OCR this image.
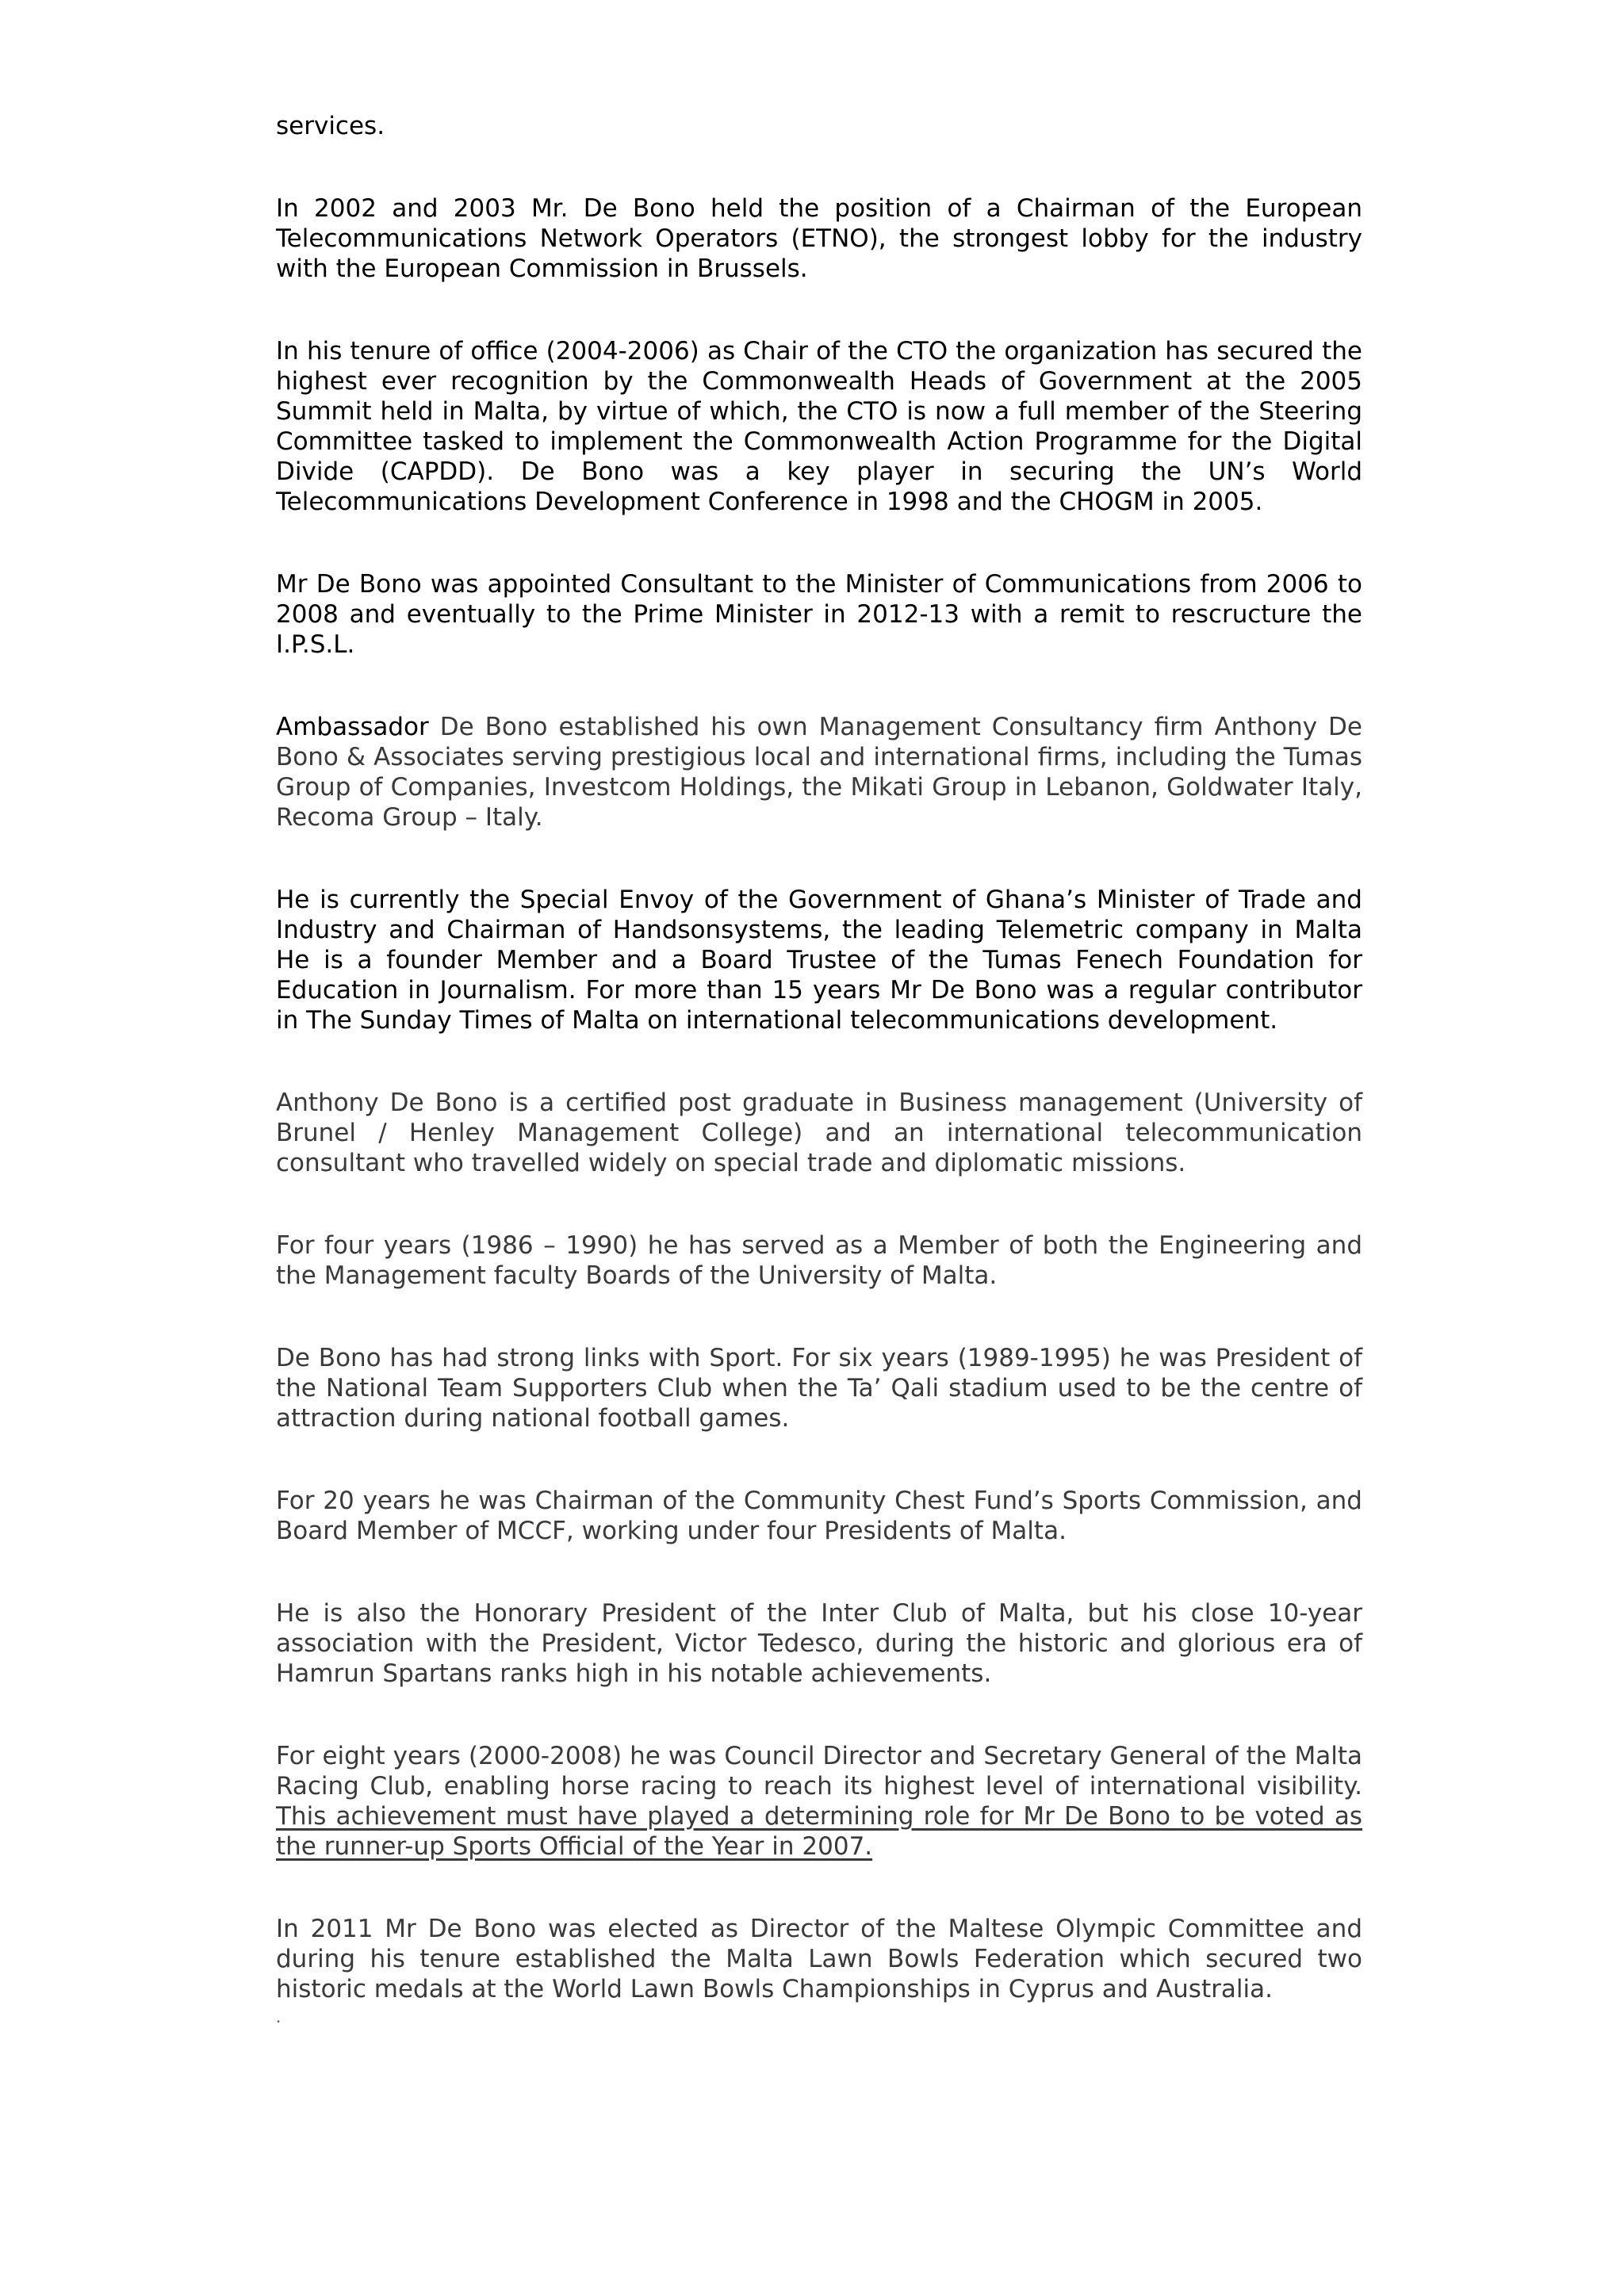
services.

In 2002 and 2003 Mr. De Bono held the position of a Chairman of the European Telecommunications Network Operators (ETNO), the strongest lobby for the industry with the European Commission in Brussels.

In his tenure of office (2004-2006) as Chair of the CTO the organization has secured the highest ever recognition by the Commonwealth Heads of Government at the 2005 Summit held in Malta, by virtue of which, the CTO is now a full member of the Steering Committee tasked to implement the Commonwealth Action Programme for the Digital Divide (CAPDD). De Bono was a key player in securing the UN’s World Telecommunications Development Conference in 1998 and the CHOGM in 2005.

Mr De Bono was appointed Consultant to the Minister of Communications from 2006 to 2008 and eventually to the Prime Minister in 2012-13 with a remit to rescructure the I.P.S.L.

Ambassador De Bono established his own Management Consultancy firm Anthony De Bono & Associates serving prestigious local and international firms, including the Tumas Group of Companies, Investcom Holdings, the Mikati Group in Lebanon, Goldwater Italy, Recoma Group – Italy.

He is currently the Special Envoy of the Government of Ghana’s Minister of Trade and Industry and Chairman of Handsonsystems, the leading Telemetric company in Malta He is a founder Member and a Board Trustee of the Tumas Fenech Foundation for Education in Journalism. For more than 15 years Mr De Bono was a regular contributor in The Sunday Times of Malta on international telecommunications development.

Anthony De Bono is a certified post graduate in Business management (University of Brunel / Henley Management College) and an international telecommunication consultant who travelled widely on special trade and diplomatic missions.

For four years (1986 – 1990) he has served as a Member of both the Engineering and the Management faculty Boards of the University of Malta.

De Bono has had strong links with Sport. For six years (1989-1995) he was President of the National Team Supporters Club when the Ta’ Qali stadium used to be the centre of attraction during national football games.

For 20 years he was Chairman of the Community Chest Fund’s Sports Commission, and Board Member of MCCF, working under four Presidents of Malta.

He is also the Honorary President of the Inter Club of Malta, but his close 10-year association with the President, Victor Tedesco, during the historic and glorious era of Hamrun Spartans ranks high in his notable achievements.

For eight years (2000-2008) he was Council Director and Secretary General of the Malta Racing Club, enabling horse racing to reach its highest level of international visibility. This achievement must have played a determining role for Mr De Bono to be voted as the runner-up Sports Official of the Year in 2007.

In 2011 Mr De Bono was elected as Director of the Maltese Olympic Committee and during his tenure established the Malta Lawn Bowls Federation which secured two historic medals at the World Lawn Bowls Championships in Cyprus and Australia.

.
